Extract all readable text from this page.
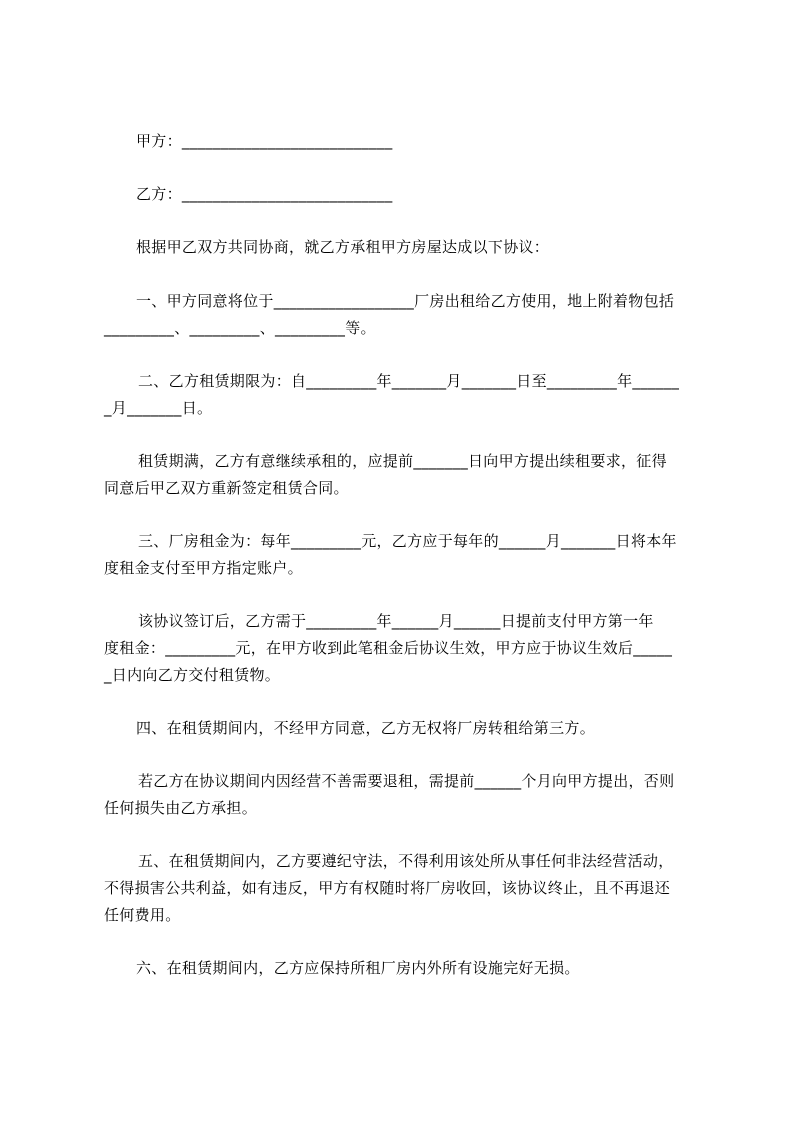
甲方：___________________________
乙方：___________________________
根据甲乙双方共同协商，就乙方承租甲方房屋达成以下协议：
一、甲方同意将位于__________________厂房出租给乙方使用，地上附着物包括
_________、_________、_________等。
二、乙方租赁期限为：自_________年_______月_______日至_________年______
_月_______日。
租赁期满，乙方有意继续承租的，应提前_______日向甲方提出续租要求，征得
同意后甲乙双方重新签定租赁合同。
三、厂房租金为：每年_________元，乙方应于每年的______月_______日将本年
度租金支付至甲方指定账户。
该协议签订后，乙方需于_________年______月______日提前支付甲方第一年
度租金：_________元，在甲方收到此笔租金后协议生效，甲方应于协议生效后_____
_日内向乙方交付租赁物。
四、在租赁期间内，不经甲方同意，乙方无权将厂房转租给第三方。
若乙方在协议期间内因经营不善需要退租，需提前______个月向甲方提出，否则
任何损失由乙方承担。
五、在租赁期间内，乙方要遵纪守法，不得利用该处所从事任何非法经营活动，
不得损害公共利益，如有违反，甲方有权随时将厂房收回，该协议终止，且不再退还
任何费用。
六、在租赁期间内，乙方应保持所租厂房内外所有设施完好无损。
